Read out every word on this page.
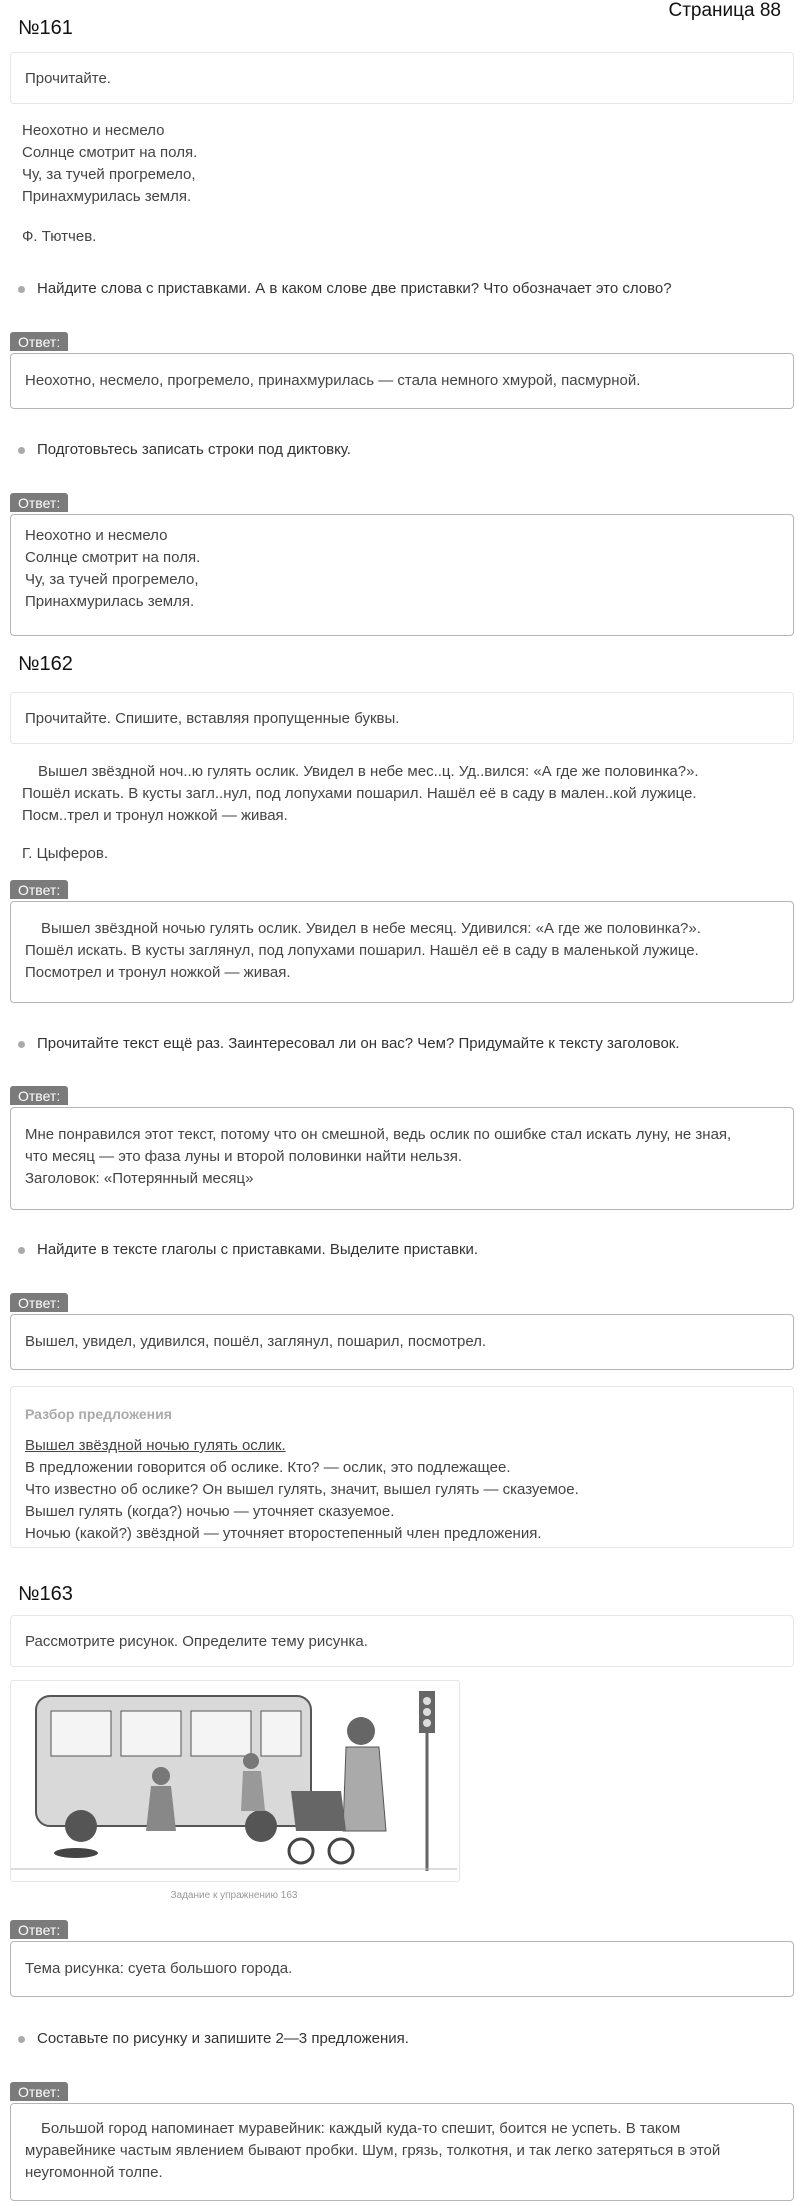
Страница 88
№161
Прочитайте.
Неохотно и несмело
Солнце смотрит на поля.
Чу, за тучей прогремело,
Принахмурилась земля.
Ф. Тютчев.
Найдите слова с приставками. А в каком слове две приставки? Что обозначает это слово?
Ответ:
Неохотно, несмело, прогремело, принахмурилась — стала немного хмурой, пасмурной.
Подготовьтесь записать строки под диктовку.
Ответ:
Неохотно и несмело
Солнце смотрит на поля.
Чу, за тучей прогремело,
Принахмурилась земля.
№162
Прочитайте. Спишите, вставляя пропущенные буквы.
Вышел звёздной ноч..ю гулять ослик. Увидел в небе мес..ц. Уд..вился: «А где же половинка?».
Пошёл искать. В кусты загл..нул, под лопухами пошарил. Нашёл её в саду в мален..кой лужице.
Посм..трел и тронул ножкой — живая.
Г. Цыферов.
Ответ:
Вышел звёздной ночью гулять ослик. Увидел в небе месяц. Удивился: «А где же половинка?».
Пошёл искать. В кусты заглянул, под лопухами пошарил. Нашёл её в саду в маленькой лужице.
Посмотрел и тронул ножкой — живая.
Прочитайте текст ещё раз. Заинтересовал ли он вас? Чем? Придумайте к тексту заголовок.
Ответ:
Мне понравился этот текст, потому что он смешной, ведь ослик по ошибке стал искать луну, не зная,
что месяц — это фаза луны и второй половинки найти нельзя.
Заголовок: «Потерянный месяц»
Найдите в тексте глаголы с приставками. Выделите приставки.
Ответ:
Вышел, увидел, удивился, пошёл, заглянул, пошарил, посмотрел.
Разбор предложения
Вышел звёздной ночью гулять ослик.
В предложении говорится об ослике. Кто? — ослик, это подлежащее.
Что известно об ослике? Он вышел гулять, значит, вышел гулять — сказуемое.
Вышел гулять (когда?) ночью — уточняет сказуемое.
Ночью (какой?) звёздной — уточняет второстепенный член предложения.
№163
Рассмотрите рисунок. Определите тему рисунка.
Задание к упражнению 163
Ответ:
Тема рисунка: суета большого города.
Составьте по рисунку и запишите 2—3 предложения.
Ответ:
Большой город напоминает муравейник: каждый куда-то спешит, боится не успеть. В таком
муравейнике частым явлением бывают пробки. Шум, грязь, толкотня, и так легко затеряться в этой
неугомонной толпе.
